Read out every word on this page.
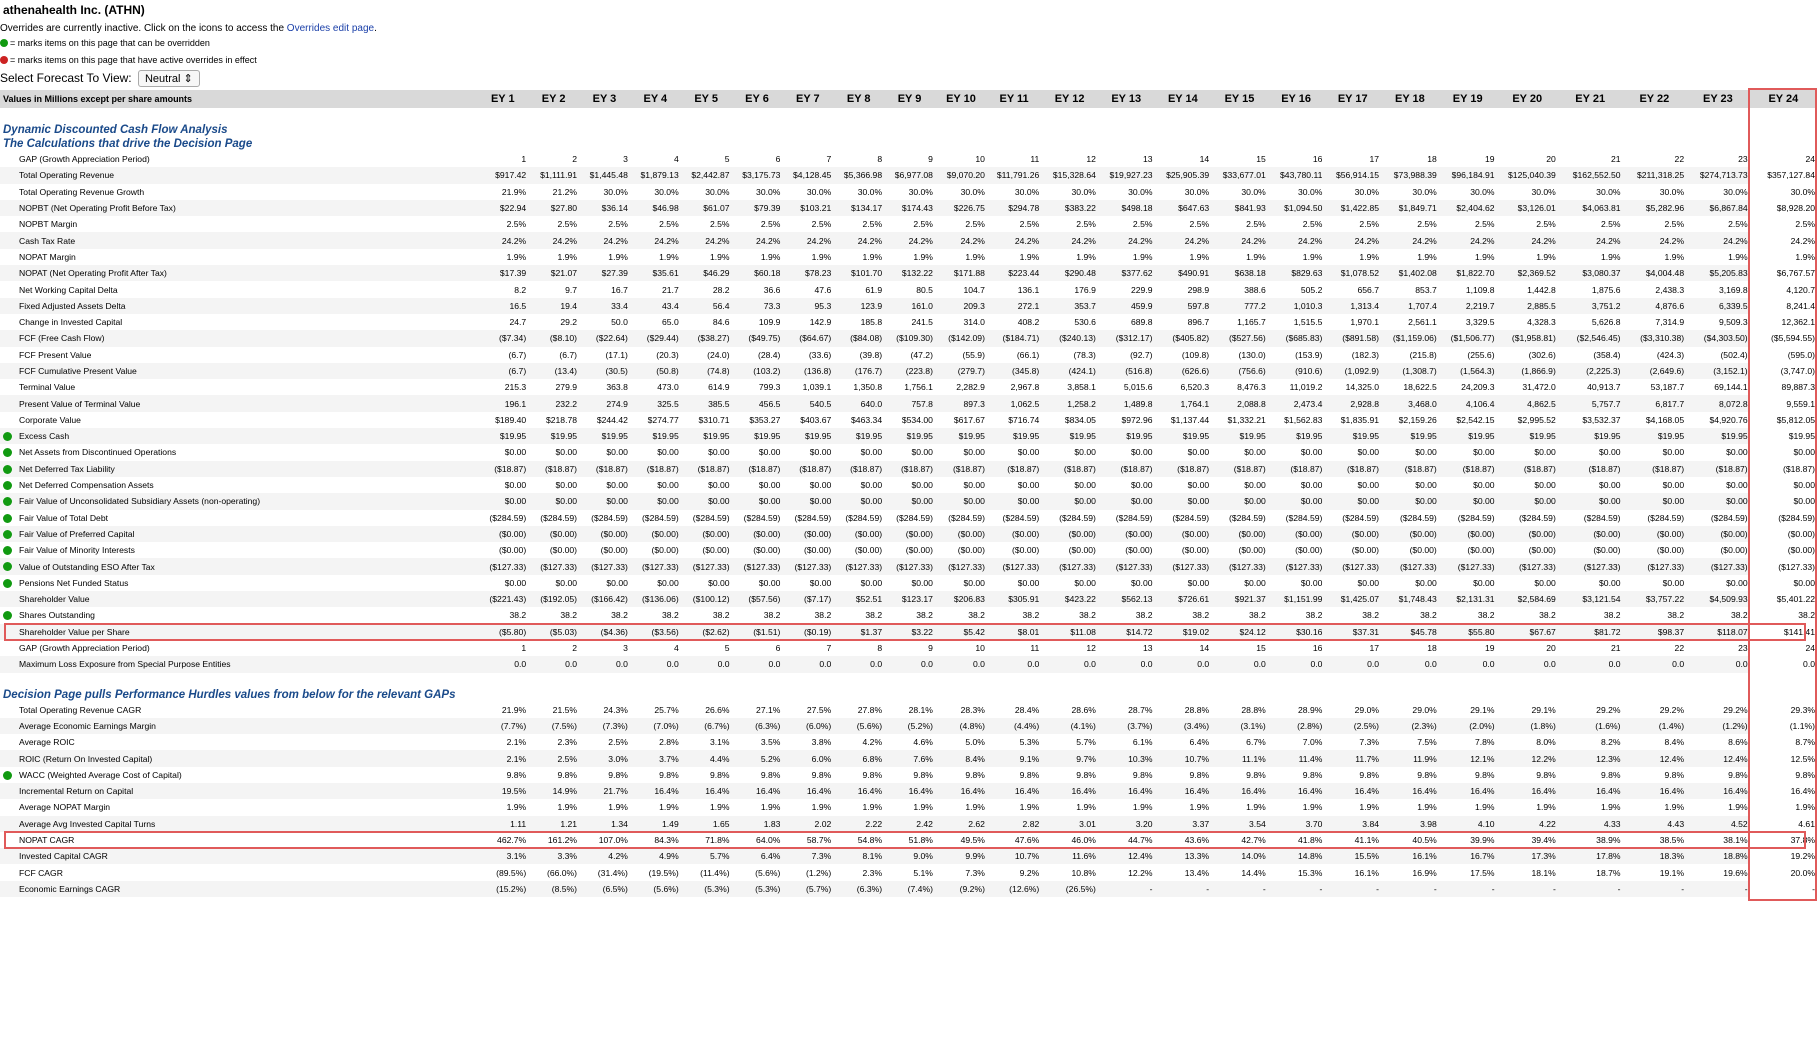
athenahealth Inc. (ATHN)
Overrides are currently inactive. Click on the icons to access the Overrides edit page.
= marks items on this page that can be overridden
= marks items on this page that have active overrides in effect
Select Forecast To View: Neutral ⇕
Values in Millions except per share amounts	EY 1	EY 2	EY 3	EY 4	EY 5	EY 6	EY 7	EY 8	EY 9	EY 10	EY 11	EY 12	EY 13	EY 14	EY 15	EY 16	EY 17	EY 18	EY 19	EY 20	EY 21	EY 22	EY 23	EY 24

Dynamic Discounted Cash Flow Analysis																								
The Calculations that drive the Decision Page																								
GAP (Growth Appreciation Period)	1	2	3	4	5	6	7	8	9	10	11	12	13	14	15	16	17	18	19	20	21	22	23	24
Total Operating Revenue	$917.42	$1,111.91	$1,445.48	$1,879.13	$2,442.87	$3,175.73	$4,128.45	$5,366.98	$6,977.08	$9,070.20	$11,791.26	$15,328.64	$19,927.23	$25,905.39	$33,677.01	$43,780.11	$56,914.15	$73,988.39	$96,184.91	$125,040.39	$162,552.50	$211,318.25	$274,713.73	$357,127.84
Total Operating Revenue Growth	21.9%	21.2%	30.0%	30.0%	30.0%	30.0%	30.0%	30.0%	30.0%	30.0%	30.0%	30.0%	30.0%	30.0%	30.0%	30.0%	30.0%	30.0%	30.0%	30.0%	30.0%	30.0%	30.0%	30.0%
NOPBT (Net Operating Profit Before Tax)	$22.94	$27.80	$36.14	$46.98	$61.07	$79.39	$103.21	$134.17	$174.43	$226.75	$294.78	$383.22	$498.18	$647.63	$841.93	$1,094.50	$1,422.85	$1,849.71	$2,404.62	$3,126.01	$4,063.81	$5,282.96	$6,867.84	$8,928.20
NOPBT Margin	2.5%	2.5%	2.5%	2.5%	2.5%	2.5%	2.5%	2.5%	2.5%	2.5%	2.5%	2.5%	2.5%	2.5%	2.5%	2.5%	2.5%	2.5%	2.5%	2.5%	2.5%	2.5%	2.5%	2.5%
Cash Tax Rate	24.2%	24.2%	24.2%	24.2%	24.2%	24.2%	24.2%	24.2%	24.2%	24.2%	24.2%	24.2%	24.2%	24.2%	24.2%	24.2%	24.2%	24.2%	24.2%	24.2%	24.2%	24.2%	24.2%	24.2%
NOPAT Margin	1.9%	1.9%	1.9%	1.9%	1.9%	1.9%	1.9%	1.9%	1.9%	1.9%	1.9%	1.9%	1.9%	1.9%	1.9%	1.9%	1.9%	1.9%	1.9%	1.9%	1.9%	1.9%	1.9%	1.9%
NOPAT (Net Operating Profit After Tax)	$17.39	$21.07	$27.39	$35.61	$46.29	$60.18	$78.23	$101.70	$132.22	$171.88	$223.44	$290.48	$377.62	$490.91	$638.18	$829.63	$1,078.52	$1,402.08	$1,822.70	$2,369.52	$3,080.37	$4,004.48	$5,205.83	$6,767.57
Net Working Capital Delta	8.2	9.7	16.7	21.7	28.2	36.6	47.6	61.9	80.5	104.7	136.1	176.9	229.9	298.9	388.6	505.2	656.7	853.7	1,109.8	1,442.8	1,875.6	2,438.3	3,169.8	4,120.7
Fixed Adjusted Assets Delta	16.5	19.4	33.4	43.4	56.4	73.3	95.3	123.9	161.0	209.3	272.1	353.7	459.9	597.8	777.2	1,010.3	1,313.4	1,707.4	2,219.7	2,885.5	3,751.2	4,876.6	6,339.5	8,241.4
Change in Invested Capital	24.7	29.2	50.0	65.0	84.6	109.9	142.9	185.8	241.5	314.0	408.2	530.6	689.8	896.7	1,165.7	1,515.5	1,970.1	2,561.1	3,329.5	4,328.3	5,626.8	7,314.9	9,509.3	12,362.1
FCF (Free Cash Flow)	($7.34)	($8.10)	($22.64)	($29.44)	($38.27)	($49.75)	($64.67)	($84.08)	($109.30)	($142.09)	($184.71)	($240.13)	($312.17)	($405.82)	($527.56)	($685.83)	($891.58)	($1,159.06)	($1,506.77)	($1,958.81)	($2,546.45)	($3,310.38)	($4,303.50)	($5,594.55)
FCF Present Value	(6.7)	(6.7)	(17.1)	(20.3)	(24.0)	(28.4)	(33.6)	(39.8)	(47.2)	(55.9)	(66.1)	(78.3)	(92.7)	(109.8)	(130.0)	(153.9)	(182.3)	(215.8)	(255.6)	(302.6)	(358.4)	(424.3)	(502.4)	(595.0)
FCF Cumulative Present Value	(6.7)	(13.4)	(30.5)	(50.8)	(74.8)	(103.2)	(136.8)	(176.7)	(223.8)	(279.7)	(345.8)	(424.1)	(516.8)	(626.6)	(756.6)	(910.6)	(1,092.9)	(1,308.7)	(1,564.3)	(1,866.9)	(2,225.3)	(2,649.6)	(3,152.1)	(3,747.0)
Terminal Value	215.3	279.9	363.8	473.0	614.9	799.3	1,039.1	1,350.8	1,756.1	2,282.9	2,967.8	3,858.1	5,015.6	6,520.3	8,476.3	11,019.2	14,325.0	18,622.5	24,209.3	31,472.0	40,913.7	53,187.7	69,144.1	89,887.3
Present Value of Terminal Value	196.1	232.2	274.9	325.5	385.5	456.5	540.5	640.0	757.8	897.3	1,062.5	1,258.2	1,489.8	1,764.1	2,088.8	2,473.4	2,928.8	3,468.0	4,106.4	4,862.5	5,757.7	6,817.7	8,072.8	9,559.1
Corporate Value	$189.40	$218.78	$244.42	$274.77	$310.71	$353.27	$403.67	$463.34	$534.00	$617.67	$716.74	$834.05	$972.96	$1,137.44	$1,332.21	$1,562.83	$1,835.91	$2,159.26	$2,542.15	$2,995.52	$3,532.37	$4,168.05	$4,920.76	$5,812.05

Excess Cash	$19.95	$19.95	$19.95	$19.95	$19.95	$19.95	$19.95	$19.95	$19.95	$19.95	$19.95	$19.95	$19.95	$19.95	$19.95	$19.95	$19.95	$19.95	$19.95	$19.95	$19.95	$19.95	$19.95	$19.95

Net Assets from Discontinued Operations	$0.00	$0.00	$0.00	$0.00	$0.00	$0.00	$0.00	$0.00	$0.00	$0.00	$0.00	$0.00	$0.00	$0.00	$0.00	$0.00	$0.00	$0.00	$0.00	$0.00	$0.00	$0.00	$0.00	$0.00

Net Deferred Tax Liability	($18.87)	($18.87)	($18.87)	($18.87)	($18.87)	($18.87)	($18.87)	($18.87)	($18.87)	($18.87)	($18.87)	($18.87)	($18.87)	($18.87)	($18.87)	($18.87)	($18.87)	($18.87)	($18.87)	($18.87)	($18.87)	($18.87)	($18.87)	($18.87)

Net Deferred Compensation Assets	$0.00	$0.00	$0.00	$0.00	$0.00	$0.00	$0.00	$0.00	$0.00	$0.00	$0.00	$0.00	$0.00	$0.00	$0.00	$0.00	$0.00	$0.00	$0.00	$0.00	$0.00	$0.00	$0.00	$0.00

Fair Value of Unconsolidated Subsidiary Assets (non-operating)	$0.00	$0.00	$0.00	$0.00	$0.00	$0.00	$0.00	$0.00	$0.00	$0.00	$0.00	$0.00	$0.00	$0.00	$0.00	$0.00	$0.00	$0.00	$0.00	$0.00	$0.00	$0.00	$0.00	$0.00

Fair Value of Total Debt	($284.59)	($284.59)	($284.59)	($284.59)	($284.59)	($284.59)	($284.59)	($284.59)	($284.59)	($284.59)	($284.59)	($284.59)	($284.59)	($284.59)	($284.59)	($284.59)	($284.59)	($284.59)	($284.59)	($284.59)	($284.59)	($284.59)	($284.59)	($284.59)

Fair Value of Preferred Capital	($0.00)	($0.00)	($0.00)	($0.00)	($0.00)	($0.00)	($0.00)	($0.00)	($0.00)	($0.00)	($0.00)	($0.00)	($0.00)	($0.00)	($0.00)	($0.00)	($0.00)	($0.00)	($0.00)	($0.00)	($0.00)	($0.00)	($0.00)	($0.00)

Fair Value of Minority Interests	($0.00)	($0.00)	($0.00)	($0.00)	($0.00)	($0.00)	($0.00)	($0.00)	($0.00)	($0.00)	($0.00)	($0.00)	($0.00)	($0.00)	($0.00)	($0.00)	($0.00)	($0.00)	($0.00)	($0.00)	($0.00)	($0.00)	($0.00)	($0.00)

Value of Outstanding ESO After Tax	($127.33)	($127.33)	($127.33)	($127.33)	($127.33)	($127.33)	($127.33)	($127.33)	($127.33)	($127.33)	($127.33)	($127.33)	($127.33)	($127.33)	($127.33)	($127.33)	($127.33)	($127.33)	($127.33)	($127.33)	($127.33)	($127.33)	($127.33)	($127.33)

Pensions Net Funded Status	$0.00	$0.00	$0.00	$0.00	$0.00	$0.00	$0.00	$0.00	$0.00	$0.00	$0.00	$0.00	$0.00	$0.00	$0.00	$0.00	$0.00	$0.00	$0.00	$0.00	$0.00	$0.00	$0.00	$0.00
Shareholder Value	($221.43)	($192.05)	($166.42)	($136.06)	($100.12)	($57.56)	($7.17)	$52.51	$123.17	$206.83	$305.91	$423.22	$562.13	$726.61	$921.37	$1,151.99	$1,425.07	$1,748.43	$2,131.31	$2,584.69	$3,121.54	$3,757.22	$4,509.93	$5,401.22

Shares Outstanding	38.2	38.2	38.2	38.2	38.2	38.2	38.2	38.2	38.2	38.2	38.2	38.2	38.2	38.2	38.2	38.2	38.2	38.2	38.2	38.2	38.2	38.2	38.2	38.2
Shareholder Value per Share	($5.80)	($5.03)	($4.36)	($3.56)	($2.62)	($1.51)	($0.19)	$1.37	$3.22	$5.42	$8.01	$11.08	$14.72	$19.02	$24.12	$30.16	$37.31	$45.78	$55.80	$67.67	$81.72	$98.37	$118.07	$141.41
GAP (Growth Appreciation Period)	1	2	3	4	5	6	7	8	9	10	11	12	13	14	15	16	17	18	19	20	21	22	23	24
Maximum Loss Exposure from Special Purpose Entities	0.0	0.0	0.0	0.0	0.0	0.0	0.0	0.0	0.0	0.0	0.0	0.0	0.0	0.0	0.0	0.0	0.0	0.0	0.0	0.0	0.0	0.0	0.0	0.0

Decision Page pulls Performance Hurdles values from below for the relevant GAPs																								
Total Operating Revenue CAGR	21.9%	21.5%	24.3%	25.7%	26.6%	27.1%	27.5%	27.8%	28.1%	28.3%	28.4%	28.6%	28.7%	28.8%	28.8%	28.9%	29.0%	29.0%	29.1%	29.1%	29.2%	29.2%	29.2%	29.3%
Average Economic Earnings Margin	(7.7%)	(7.5%)	(7.3%)	(7.0%)	(6.7%)	(6.3%)	(6.0%)	(5.6%)	(5.2%)	(4.8%)	(4.4%)	(4.1%)	(3.7%)	(3.4%)	(3.1%)	(2.8%)	(2.5%)	(2.3%)	(2.0%)	(1.8%)	(1.6%)	(1.4%)	(1.2%)	(1.1%)
Average ROIC	2.1%	2.3%	2.5%	2.8%	3.1%	3.5%	3.8%	4.2%	4.6%	5.0%	5.3%	5.7%	6.1%	6.4%	6.7%	7.0%	7.3%	7.5%	7.8%	8.0%	8.2%	8.4%	8.6%	8.7%
ROIC (Return On Invested Capital)	2.1%	2.5%	3.0%	3.7%	4.4%	5.2%	6.0%	6.8%	7.6%	8.4%	9.1%	9.7%	10.3%	10.7%	11.1%	11.4%	11.7%	11.9%	12.1%	12.2%	12.3%	12.4%	12.4%	12.5%

WACC (Weighted Average Cost of Capital)	9.8%	9.8%	9.8%	9.8%	9.8%	9.8%	9.8%	9.8%	9.8%	9.8%	9.8%	9.8%	9.8%	9.8%	9.8%	9.8%	9.8%	9.8%	9.8%	9.8%	9.8%	9.8%	9.8%	9.8%
Incremental Return on Capital	19.5%	14.9%	21.7%	16.4%	16.4%	16.4%	16.4%	16.4%	16.4%	16.4%	16.4%	16.4%	16.4%	16.4%	16.4%	16.4%	16.4%	16.4%	16.4%	16.4%	16.4%	16.4%	16.4%	16.4%
Average NOPAT Margin	1.9%	1.9%	1.9%	1.9%	1.9%	1.9%	1.9%	1.9%	1.9%	1.9%	1.9%	1.9%	1.9%	1.9%	1.9%	1.9%	1.9%	1.9%	1.9%	1.9%	1.9%	1.9%	1.9%	1.9%
Average Avg Invested Capital Turns	1.11	1.21	1.34	1.49	1.65	1.83	2.02	2.22	2.42	2.62	2.82	3.01	3.20	3.37	3.54	3.70	3.84	3.98	4.10	4.22	4.33	4.43	4.52	4.61
NOPAT CAGR	462.7%	161.2%	107.0%	84.3%	71.8%	64.0%	58.7%	54.8%	51.8%	49.5%	47.6%	46.0%	44.7%	43.6%	42.7%	41.8%	41.1%	40.5%	39.9%	39.4%	38.9%	38.5%	38.1%	37.8%
Invested Capital CAGR	3.1%	3.3%	4.2%	4.9%	5.7%	6.4%	7.3%	8.1%	9.0%	9.9%	10.7%	11.6%	12.4%	13.3%	14.0%	14.8%	15.5%	16.1%	16.7%	17.3%	17.8%	18.3%	18.8%	19.2%
FCF CAGR	(89.5%)	(66.0%)	(31.4%)	(19.5%)	(11.4%)	(5.6%)	(1.2%)	2.3%	5.1%	7.3%	9.2%	10.8%	12.2%	13.4%	14.4%	15.3%	16.1%	16.9%	17.5%	18.1%	18.7%	19.1%	19.6%	20.0%
Economic Earnings CAGR	(15.2%)	(8.5%)	(6.5%)	(5.6%)	(5.3%)	(5.3%)	(5.7%)	(6.3%)	(7.4%)	(9.2%)	(12.6%)	(26.5%)	-	-	-	-	-	-	-	-	-	-	-	-
